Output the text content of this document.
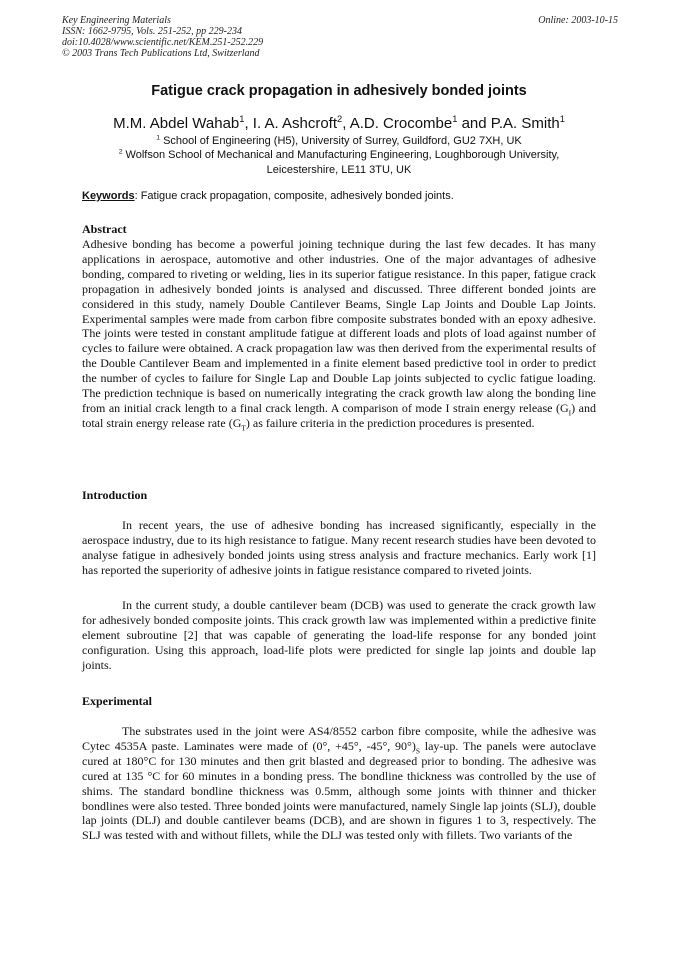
Key Engineering Materials
ISSN: 1662-9795, Vols. 251-252, pp 229-234
doi:10.4028/www.scientific.net/KEM.251-252.229
© 2003 Trans Tech Publications Ltd, Switzerland
Online: 2003-10-15
Fatigue crack propagation in adhesively bonded joints
M.M. Abdel Wahab$^1$, I. A. Ashcroft$^2$, A.D. Crocombe$^1$ and P.A. Smith$^1$
$^1$ School of Engineering (H5), University of Surrey, Guildford, GU2 7XH, UK
$^2$ Wolfson School of Mechanical and Manufacturing Engineering, Loughborough University,
Leicestershire, LE11 3TU, UK
Keywords: Fatigue crack propagation, composite, adhesively bonded joints.
Abstract

Adhesive bonding has become a powerful joining technique during the last few decades. It has many applications in aerospace, automotive and other industries. One of the major advantages of adhesive bonding, compared to riveting or welding, lies in its superior fatigue resistance. In this paper, fatigue crack propagation in adhesively bonded joints is analysed and discussed. Three different bonded joints are considered in this study, namely Double Cantilever Beams, Single Lap Joints and Double Lap Joints. Experimental samples were made from carbon fibre composite substrates bonded with an epoxy adhesive. The joints were tested in constant amplitude fatigue at different loads and plots of load against number of cycles to failure were obtained. A crack propagation law was then derived from the experimental results of the Double Cantilever Beam and implemented in a finite element based predictive tool in order to predict the number of cycles to failure for Single Lap and Double Lap joints subjected to cyclic fatigue loading. The prediction technique is based on numerically integrating the crack growth law along the bonding line from an initial crack length to a final crack length. A comparison of mode I strain energy release $(G_I)$ and total strain energy release rate $(G_T)$ as failure criteria in the prediction procedures is presented.

Introduction

In recent years, the use of adhesive bonding has increased significantly, especially in the aerospace industry, due to its high resistance to fatigue. Many recent research studies have been devoted to analyse fatigue in adhesively bonded joints using stress analysis and fracture mechanics. Early work [1] has reported the superiority of adhesive joints in fatigue resistance compared to riveted joints.

In the current study, a double cantilever beam (DCB) was used to generate the crack growth law for adhesively bonded composite joints. This crack growth law was implemented within a predictive finite element subroutine [2] that was capable of generating the load-life response for any bonded joint configuration. Using this approach, load-life plots were predicted for single lap joints and double lap joints.

Experimental

The substrates used in the joint were AS4/8552 carbon fibre composite, while the adhesive was Cytec 4535A paste. Laminates were made of (0°, +45°, -45°, $90^\circ)_S$ lay-up. The panels were autoclave cured at 180°C for 130 minutes and then grit blasted and degreased prior to bonding. The adhesive was cured at 135 °C for 60 minutes in a bonding press. The bondline thickness was controlled by the use of shims. The standard bondline thickness was 0.5mm, although some joints with thinner and thicker bondlines were also tested. Three bonded joints were manufactured, namely Single lap joints (SLJ), double lap joints (DLJ) and double cantilever beams (DCB), and are shown in figures 1 to 3, respectively. The SLJ was tested with and without fillets, while the DLJ was tested only with fillets. Two variants of the
